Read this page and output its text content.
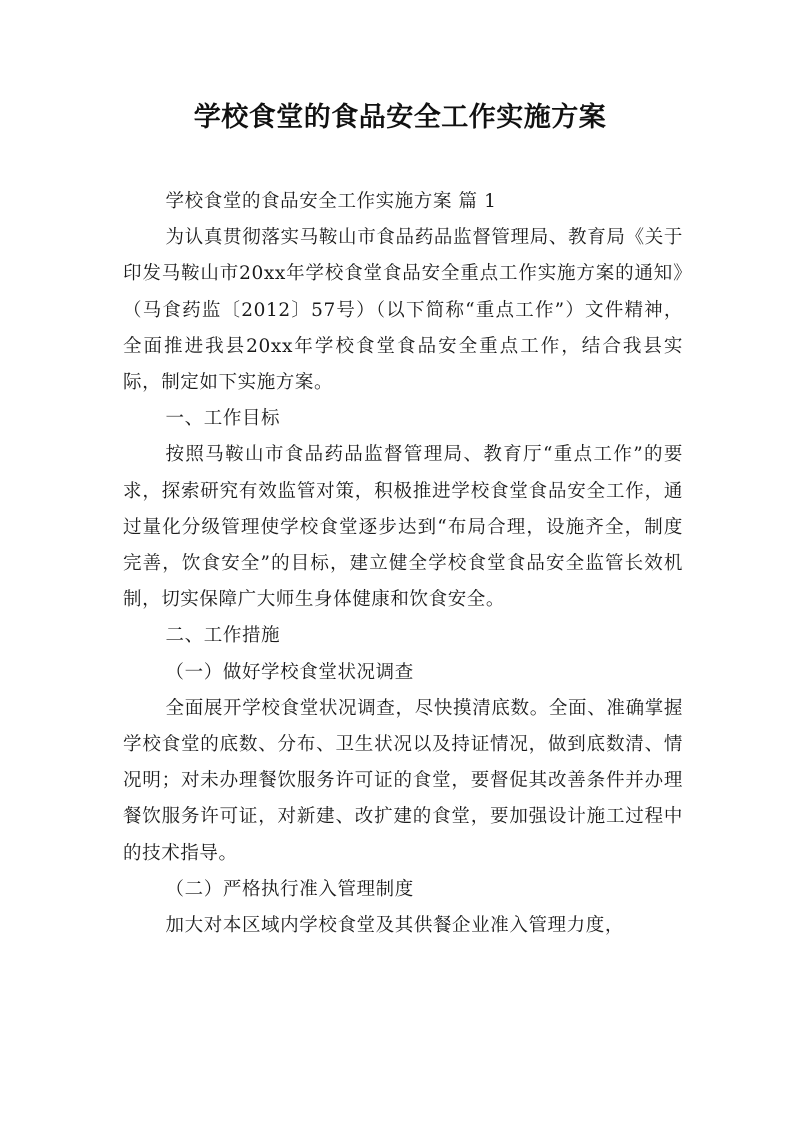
学校食堂的食品安全工作实施方案

学校食堂的食品安全工作实施方案 篇 1

为认真贯彻落实马鞍山市食品药品监督管理局、教育局《关于印发马鞍山市20xx年学校食堂食品安全重点工作实施方案的通知》（马食药监〔2012〕57号）（以下简称“重点工作”）文件精神，全面推进我县20xx年学校食堂食品安全重点工作，结合我县实际，制定如下实施方案。

一、工作目标

按照马鞍山市食品药品监督管理局、教育厅“重点工作”的要求，探索研究有效监管对策，积极推进学校食堂食品安全工作，通过量化分级管理使学校食堂逐步达到“布局合理，设施齐全，制度完善，饮食安全”的目标，建立健全学校食堂食品安全监管长效机制，切实保障广大师生身体健康和饮食安全。

二、工作措施

（一）做好学校食堂状况调查

全面展开学校食堂状况调查，尽快摸清底数。全面、准确掌握学校食堂的底数、分布、卫生状况以及持证情况，做到底数清、情况明；对未办理餐饮服务许可证的食堂，要督促其改善条件并办理餐饮服务许可证，对新建、改扩建的食堂，要加强设计施工过程中的技术指导。

（二）严格执行准入管理制度

加大对本区域内学校食堂及其供餐企业准入管理力度，
